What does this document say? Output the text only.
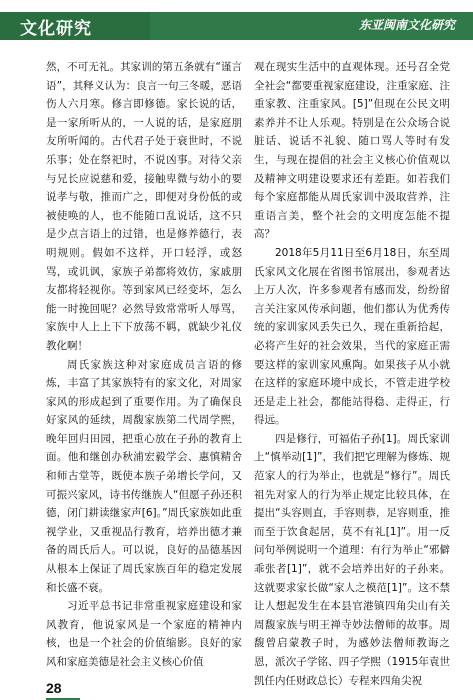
文化研究	东亚闽南文化研究

然，不可无礼。其家训的第五条就有“谨言语”，其释义认为：良言一句三冬暖，恶语伤人六月寒。修言即修德。家长说的话，是一家所听从的，一人说的话，是家庭朋友所听闻的。古代君子处于衰世时，不说乐事；处在祭祀时，不说凶事。对待父亲与兄长应说慈和爱，接触卑微与幼小的要说孝与敬，推而广之，即便对身份低的或被使唤的人，也不能随口乱说话，这不只是少点言语上的过错，也是修养德行，表明规则。假如不这样，开口轻浮，或怒骂，或讥讽，家族子弟都将效仿，家戚朋友都将轻视你。等到家风已经变坏，怎么能一时挽回呢？必然导致常常听人辱骂，家族中人上上下下放荡不羁，就缺少礼仪教化啊！

周氏家族这种对家庭成员言语的修炼，丰富了其家族特有的家文化，对周家家风的形成起到了重要作用。为了确保良好家风的延续，周馥家族第二代周学熙，晚年回归田园，把重心放在子孙的教育上面。他和继创办秋浦宏毅学会、惠慎精舍和师古堂等，既使本族子弟增长学问，又可振兴家风，诗书传继族人“但愿子孙还积德，闭门耕读继家声[6]。”周氏家族如此重视学业，又重视品行教育，培养出德才兼备的周氏后人。可以说，良好的品德基因从根本上保证了周氏家族百年的稳定发展和长盛不衰。

习近平总书记非常重视家庭建设和家风教育，他说家风是一个家庭的精神内核，也是一个社会的价值缩影。良好的家风和家庭美德是社会主义核心价值

观在现实生活中的直观体现。还号召全党全社会“都要重视家庭建设，注重家庭、注重家教、注重家风。[5]”但现在公民文明素养并不让人乐观。特别是在公众场合说脏话、说话不礼貌、随口骂人等时有发生，与现在提倡的社会主义核心价值观以及精神文明建设要求还有差距。如若我们每个家庭都能从周氏家训中汲取营养，注重语言美，整个社会的文明度怎能不提高？

2018年5月11日至6月18日，东至周氏家风文化展在省图书馆展出，参观者达上万人次，许多参观者有感而发，纷纷留言关注家风传承问题，他们都认为优秀传统的家训家风丢失已久，现在重新拾起，必将产生好的社会效果，当代的家庭正需要这样的家训家风熏陶。如果孩子从小就在这样的家庭环境中成长，不管走进学校还是走上社会，都能站得稳、走得正，行得远。

四是修行，可福佑子孙[1]。周氏家训上“慎举动[1]”，我们把它理解为修炼、规范家人的行为举止，也就是“修行”。周氏祖先对家人的行为举止规定比较具体，在提出“头容则直，手容则恭，足容则重，推而至于饮食起居，莫不有礼[1]”。用一反问句举例说明一个道理：有行为举止“邪僻乖张者[1]”，就不会培养出好的子孙来。这就要求家长做“家人之模范[1]”。这不禁让人想起发生在本县官港镇四角尖山有关周馥家族与明王禅寺妙法僧师的故事。周馥曾启蒙教子时，为感妙法僧师教诲之恩，派次子学铭、四子学熙（1915年袁世凯任内任财政总长）专程来四角尖祝

28
